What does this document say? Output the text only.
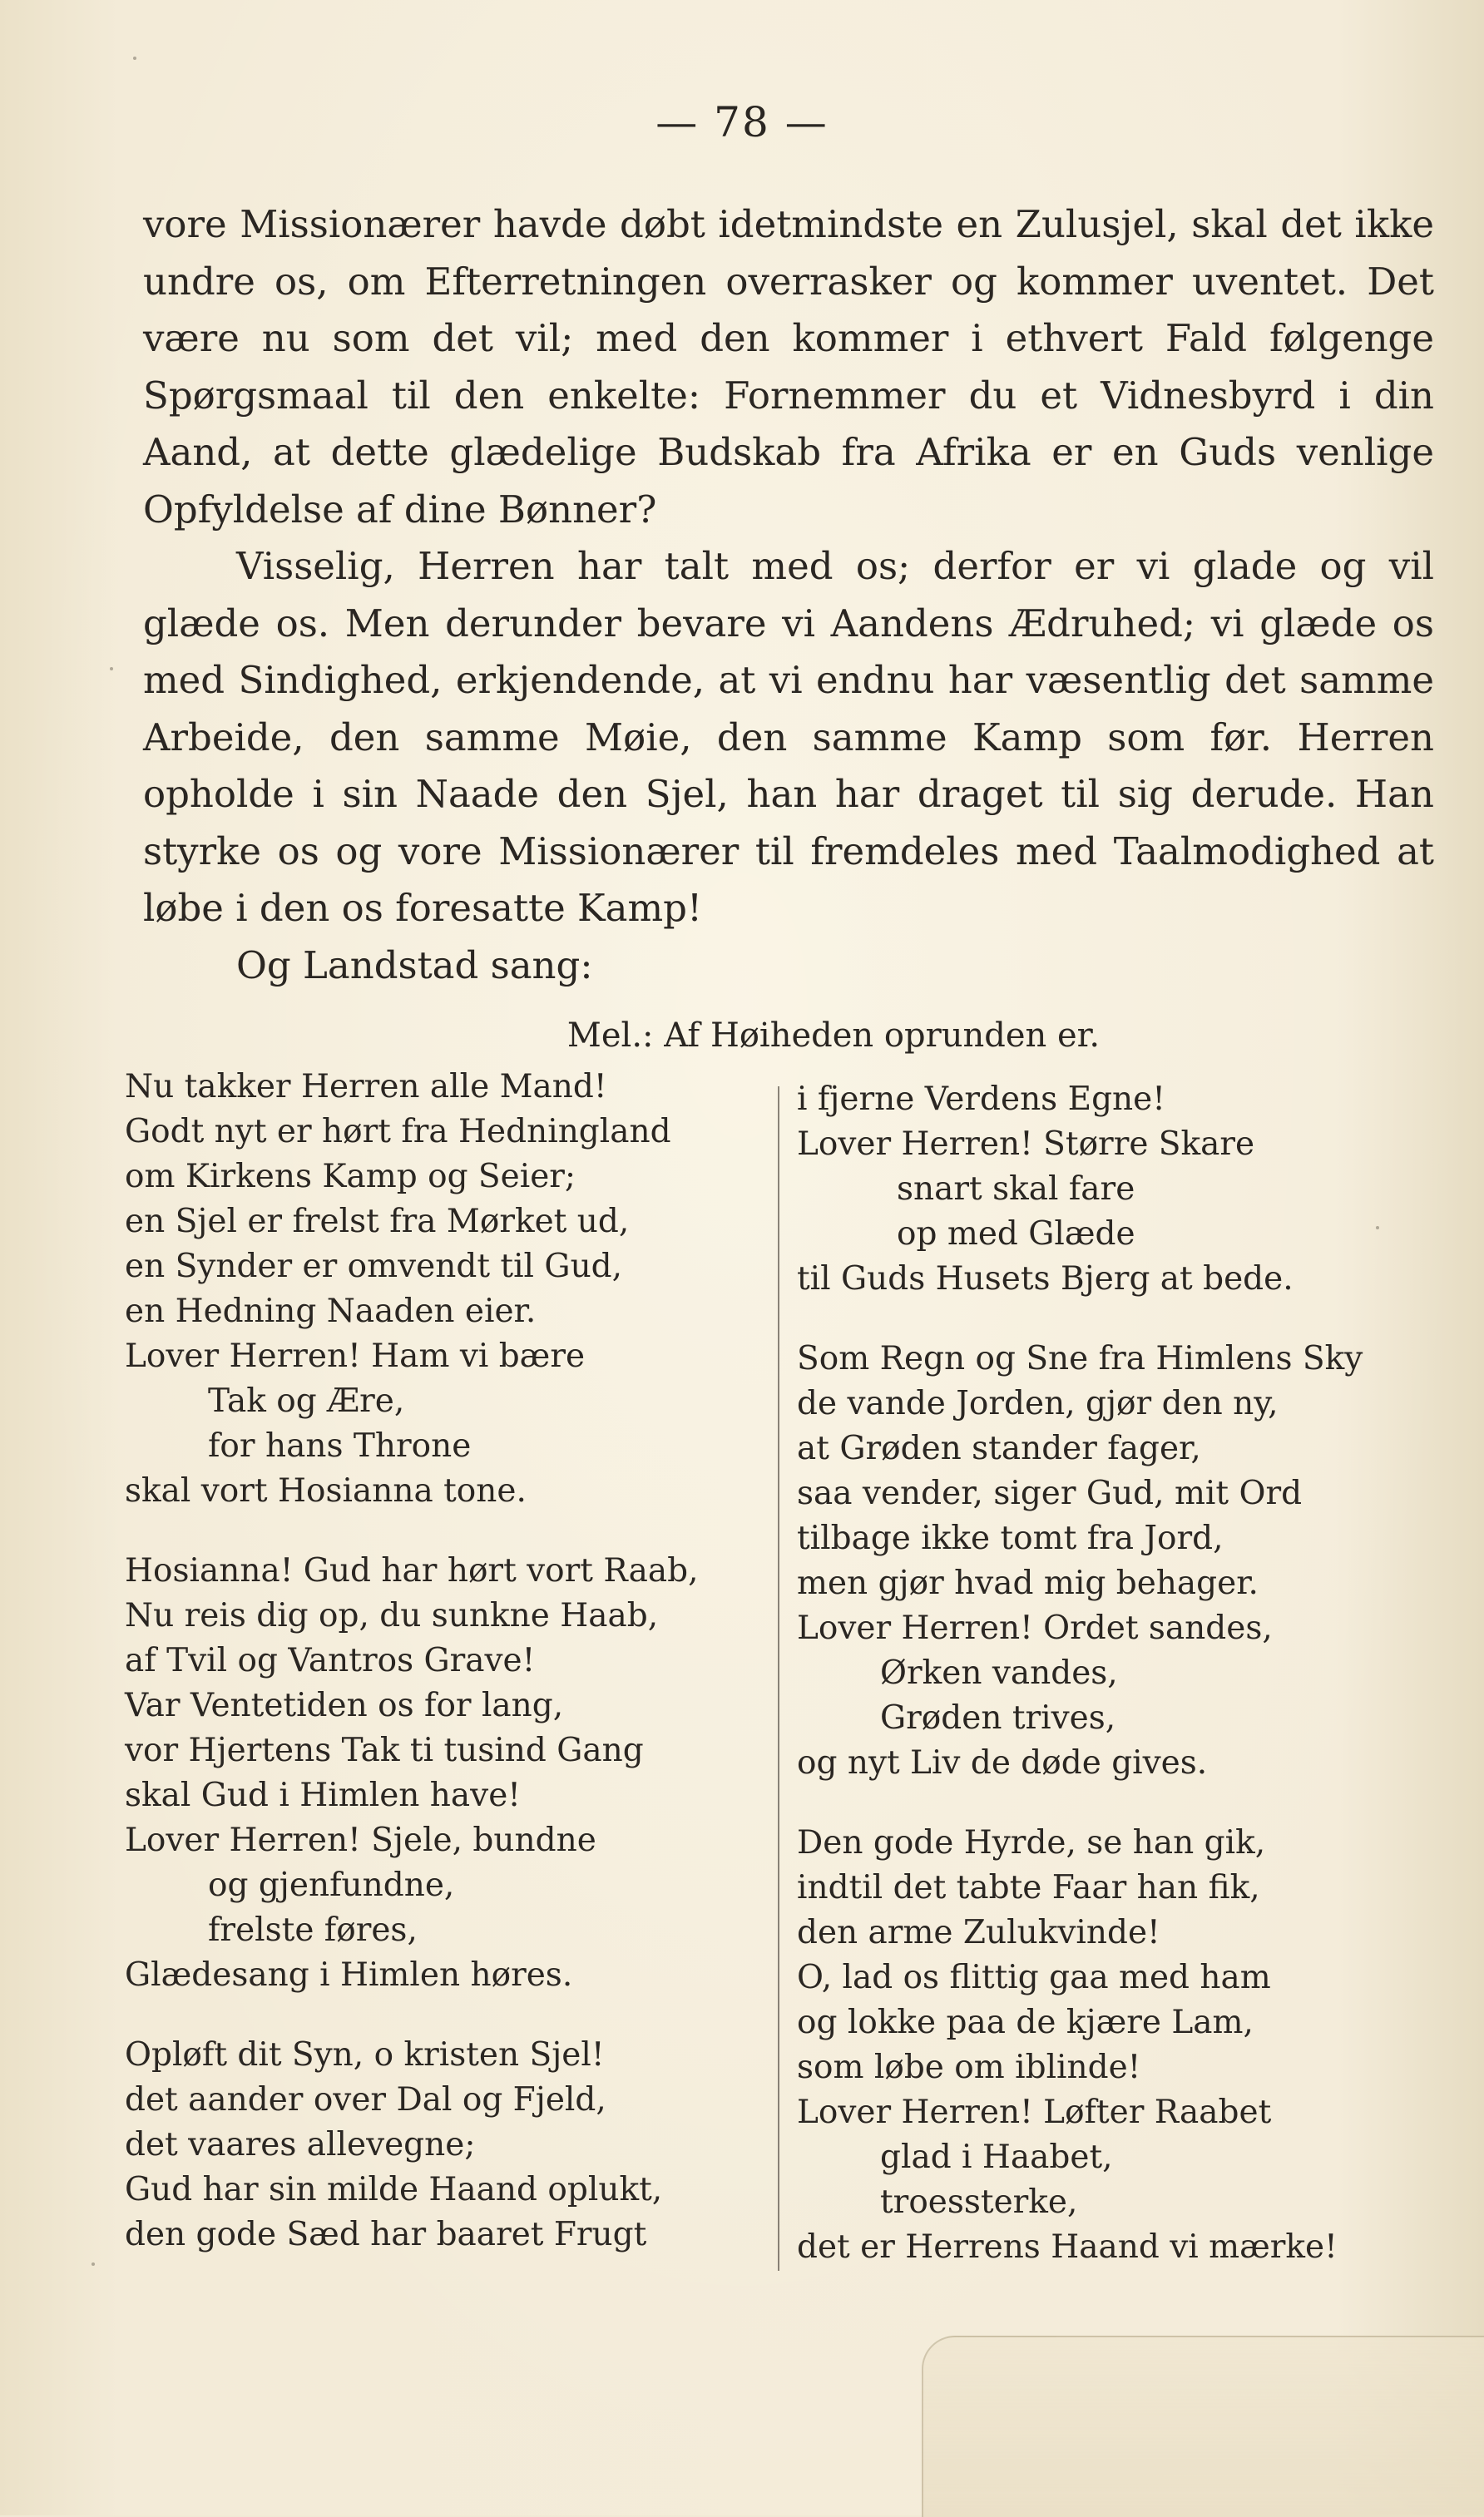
— 78 —

vore Missionærer havde døbt idetmindste en Zulusjel, skal det ikke undre os, om Efterretningen overrasker og kommer uventet. Det være nu som det vil; med den kommer i ethvert Fald følgenge Spørgsmaal til den enkelte: Fornemmer du et Vidnesbyrd i din Aand, at dette glædelige Budskab fra Afrika er en Guds venlige Opfyldelse af dine Bønner?

Visselig, Herren har talt med os; derfor er vi glade og vil glæde os. Men derunder bevare vi Aandens Ædruhed; vi glæde os med Sindighed, erkjendende, at vi endnu har væsentlig det samme Arbeide, den samme Møie, den samme Kamp som før. Herren opholde i sin Naade den Sjel, han har draget til sig derude. Han styrke os og vore Missionærer til fremdeles med Taalmodighed at løbe i den os foresatte Kamp!

Og Landstad sang:

Mel.: Af Høiheden oprunden er.
Nu takker Herren alle Mand!
Godt nyt er hørt fra Hedningland
om Kirkens Kamp og Seier;
en Sjel er frelst fra Mørket ud,
en Synder er omvendt til Gud,
en Hedning Naaden eier.
Lover Herren! Ham vi bære
Tak og Ære,
for hans Throne
skal vort Hosianna tone.
Hosianna! Gud har hørt vort Raab,
Nu reis dig op, du sunkne Haab,
af Tvil og Vantros Grave!
Var Ventetiden os for lang,
vor Hjertens Tak ti tusind Gang
skal Gud i Himlen have!
Lover Herren! Sjele, bundne
og gjenfundne,
frelste føres,
Glædesang i Himlen høres.
Opløft dit Syn, o kristen Sjel!
det aander over Dal og Fjeld,
det vaares allevegne;
Gud har sin milde Haand oplukt,
den gode Sæd har baaret Frugt
i fjerne Verdens Egne!
Lover Herren! Større Skare
snart skal fare
op med Glæde
til Guds Husets Bjerg at bede.
Som Regn og Sne fra Himlens Sky
de vande Jorden, gjør den ny,
at Grøden stander fager,
saa vender, siger Gud, mit Ord
tilbage ikke tomt fra Jord,
men gjør hvad mig behager.
Lover Herren! Ordet sandes,
Ørken vandes,
Grøden trives,
og nyt Liv de døde gives.
Den gode Hyrde, se han gik,
indtil det tabte Faar han fik,
den arme Zulukvinde!
O, lad os flittig gaa med ham
og lokke paa de kjære Lam,
som løbe om iblinde!
Lover Herren! Løfter Raabet
glad i Haabet,
troessterke,
det er Herrens Haand vi mærke!
